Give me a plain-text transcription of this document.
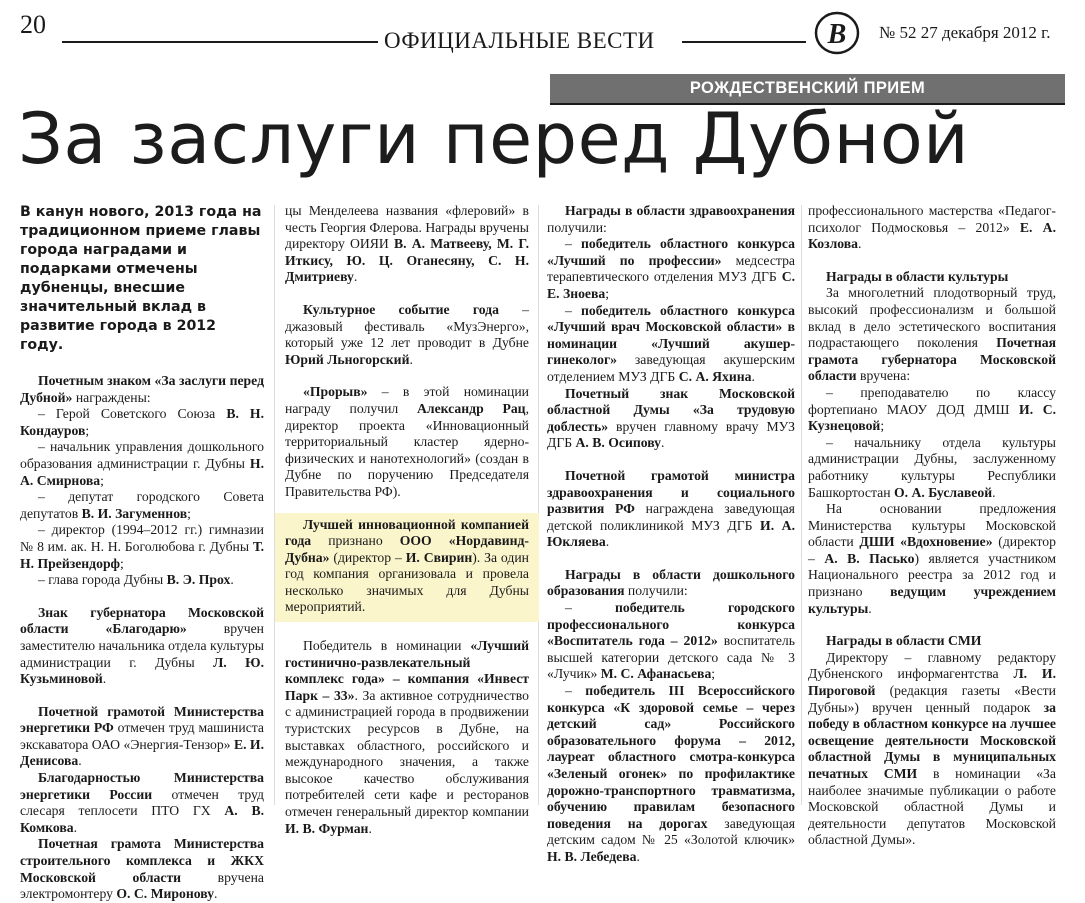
20
ОФИЦИАЛЬНЫЕ ВЕСТИ	В № 52 27 декабря 2012 г.
РОЖДЕСТВЕНСКИЙ ПРИЕМ
За заслуги перед Дубной
В канун нового, 2013 года на традиционном приеме главы города наградами и подарками отмечены дубненцы, внесшие значительный вклад в развитие города в 2012 году.

Почетным знаком «За заслуги перед Дубной» награждены:

– Герой Советского Союза В. Н. Кондауров;

– начальник управления дошкольного образования администрации г. Дубны Н. А. Смирнова;

– депутат городского Совета депутатов В. И. Загуменнов;

– директор (1994–2012 гг.) гимназии № 8 им. ак. Н. Н. Боголюбова г. Дубны Т. Н. Прейзендорф;

– глава города Дубны В. Э. Прох.

Знак губернатора Московской области «Благодарю» вручен заместителю начальника отдела культуры администрации г. Дубны Л. Ю. Кузьминовой.

Почетной грамотой Министерства энергетики РФ отмечен труд машиниста экскаватора ОАО «Энергия-Тензор» Е. И. Денисова.

Благодарностью Министерства энергетики России отмечен труд слесаря теплосети ПТО ГХ А. В. Комкова.

Почетная грамота Министерства строительного комплекса и ЖКХ Московской области вручена электромонтеру О. С. Миронову.

цы Менделеева названия «флеровий» в честь Георгия Флерова. Награды вручены директору ОИЯИ В. А. Матвееву, М. Г. Иткису, Ю. Ц. Оганесяну, С. Н. Дмитриеву.

Культурное событие года – джазовый фестиваль «МузЭнерго», который уже 12 лет проводит в Дубне Юрий Льногорский.

«Прорыв» – в этой номинации награду получил Александр Рац, директор проекта «Инновационный территориальный кластер ядерно-физических и нанотехнологий» (создан в Дубне по поручению Председателя Правительства РФ).

Лучшей инновационной компанией года признано ООО «Нордавинд-Дубна» (директор – И. Свирин). За один год компания организовала и провела несколько значимых для Дубны мероприятий.

Победитель в номинации «Лучший гостинично-развлекательный комплекс года» – компания «Инвест Парк – 33». За активное сотрудничество с администрацией города в продвижении туристских ресурсов в Дубне, на выставках областного, российского и международного значения, а также высокое качество обслуживания потребителей сети кафе и ресторанов отмечен генеральный директор компании И. В. Фурман.

Награды в области здравоохранения получили:

– победитель областного конкурса «Лучший по профессии» медсестра терапевтического отделения МУЗ ДГБ С. Е. Зноева;

– победитель областного конкурса «Лучший врач Московской области» в номинации «Лучший акушер-гинеколог» заведующая акушерским отделением МУЗ ДГБ С. А. Яхина.

Почетный знак Московской областной Думы «За трудовую доблесть» вручен главному врачу МУЗ ДГБ А. В. Осипову.

Почетной грамотой министра здравоохранения и социального развития РФ награждена заведующая детской поликлиникой МУЗ ДГБ И. А. Юкляева.

Награды в области дошкольного образования получили:

– победитель городского профессионального конкурса «Воспитатель года – 2012» воспитатель высшей категории детского сада № 3 «Лучик» М. С. Афанасьева;

– победитель III Всероссийского конкурса «К здоровой семье – через детский сад» Российского образовательного форума – 2012, лауреат областного смотра-конкурса «Зеленый огонек» по профилактике дорожно-транспортного травматизма, обучению правилам безопасного поведения на дорогах заведующая детским садом № 25 «Золотой ключик» Н. В. Лебедева.

профессионального мастерства «Педагог-психолог Подмосковья – 2012» Е. А. Козлова.

Награды в области культуры

За многолетний плодотворный труд, высокий профессионализм и большой вклад в дело эстетического воспитания подрастающего поколения Почетная грамота губернатора Московской области вручена:

– преподавателю по классу фортепиано МАОУ ДОД ДМШ И. С. Кузнецовой;

– начальнику отдела культуры администрации Дубны, заслуженному работнику культуры Республики Башкортостан О. А. Буславеой.

На основании предложения Министерства культуры Московской области ДШИ «Вдохновение» (директор – А. В. Пасько) является участником Национального реестра за 2012 год и признано ведущим учреждением культуры.

Награды в области СМИ

Директору – главному редактору Дубненского информагентства Л. И. Пироговой (редакция газеты «Вести Дубны») вручен ценный подарок за победу в областном конкурсе на лучшее освещение деятельности Московской областной Думы в муниципальных печатных СМИ в номинации «За наиболее значимые публикации о работе Московской областной Думы и деятельности депутатов Московской областной Думы».
